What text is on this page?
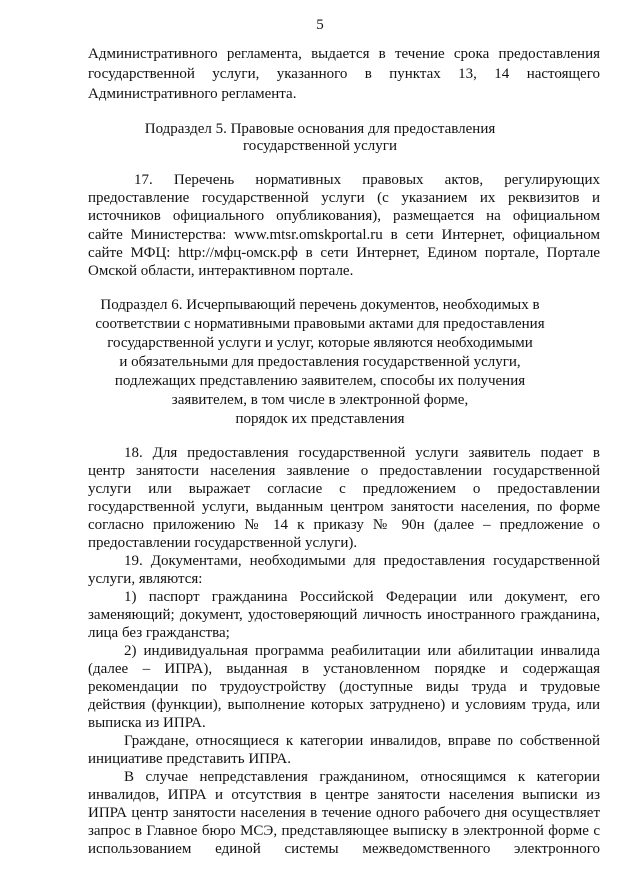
5
Административного регламента, выдается в течение срока предоставления
государственной услуги, указанного в пунктах 13, 14 настоящего
Административного регламента.
Подраздел 5. Правовые основания для предоставления
государственной услуги
17. Перечень нормативных правовых актов, регулирующих
предоставление государственной услуги (с указанием их реквизитов и
источников официального опубликования), размещается на официальном
сайте Министерства: www.mtsr.omskportal.ru в сети Интернет, официальном
сайте МФЦ: http://мфц-омск.рф в сети Интернет, Едином портале, Портале
Омской области, интерактивном портале.
Подраздел 6. Исчерпывающий перечень документов, необходимых в
соответствии с нормативными правовыми актами для предоставления
государственной услуги и услуг, которые являются необходимыми
и обязательными для предоставления государственной услуги,
подлежащих представлению заявителем, способы их получения
заявителем, в том числе в электронной форме,
порядок их представления
18. Для предоставления государственной услуги заявитель подает в
центр занятости населения заявление о предоставлении государственной
услуги или выражает согласие с предложением о предоставлении
государственной услуги, выданным центром занятости населения, по форме
согласно приложению № 14 к приказу № 90н (далее – предложение о
предоставлении государственной услуги).
19. Документами, необходимыми для предоставления государственной
услуги, являются:
1) паспорт гражданина Российской Федерации или документ, его
заменяющий; документ, удостоверяющий личность иностранного гражданина,
лица без гражданства;
2) индивидуальная программа реабилитации или абилитации инвалида
(далее – ИПРА), выданная в установленном порядке и содержащая
рекомендации по трудоустройству (доступные виды труда и трудовые
действия (функции), выполнение которых затруднено) и условиям труда, или
выписка из ИПРА.
Граждане, относящиеся к категории инвалидов, вправе по собственной
инициативе представить ИПРА.
В случае непредставления гражданином, относящимся к категории
инвалидов, ИПРА и отсутствия в центре занятости населения выписки из
ИПРА центр занятости населения в течение одного рабочего дня осуществляет
запрос в Главное бюро МСЭ, представляющее выписку в электронной форме с
использованием единой системы межведомственного электронного
